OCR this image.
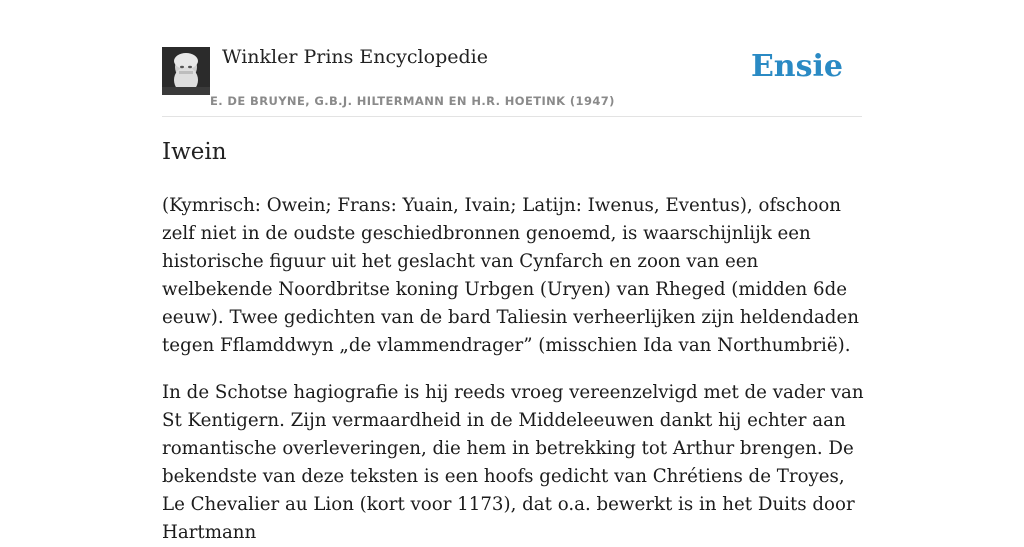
Winkler Prins Encyclopedie
E. DE BRUYNE, G.B.J. HILTERMANN EN H.R. HOETINK (1947)
Ensie
Iwein

(Kymrisch: Owein; Frans: Yuain, Ivain; Latijn: Iwenus, Eventus), ofschoon zelf niet in de oudste geschiedbronnen genoemd, is waarschijnlijk een historische figuur uit het geslacht van Cynfarch en zoon van een welbekende Noordbritse koning Urbgen (Uryen) van Rheged (midden 6de eeuw). Twee gedichten van de bard Taliesin verheerlijken zijn heldendaden tegen Fflamddwyn „de vlammendrager” (misschien Ida van Northumbrië).

In de Schotse hagiografie is hij reeds vroeg vereenzelvigd met de vader van St Kentigern. Zijn vermaardheid in de Middeleeuwen dankt hij echter aan romantische overleveringen, die hem in betrekking tot Arthur brengen. De bekendste van deze teksten is een hoofs gedicht van Chrétiens de Troyes, Le Chevalier au Lion (kort voor 1173), dat o.a. bewerkt is in het Duits door Hartmann
